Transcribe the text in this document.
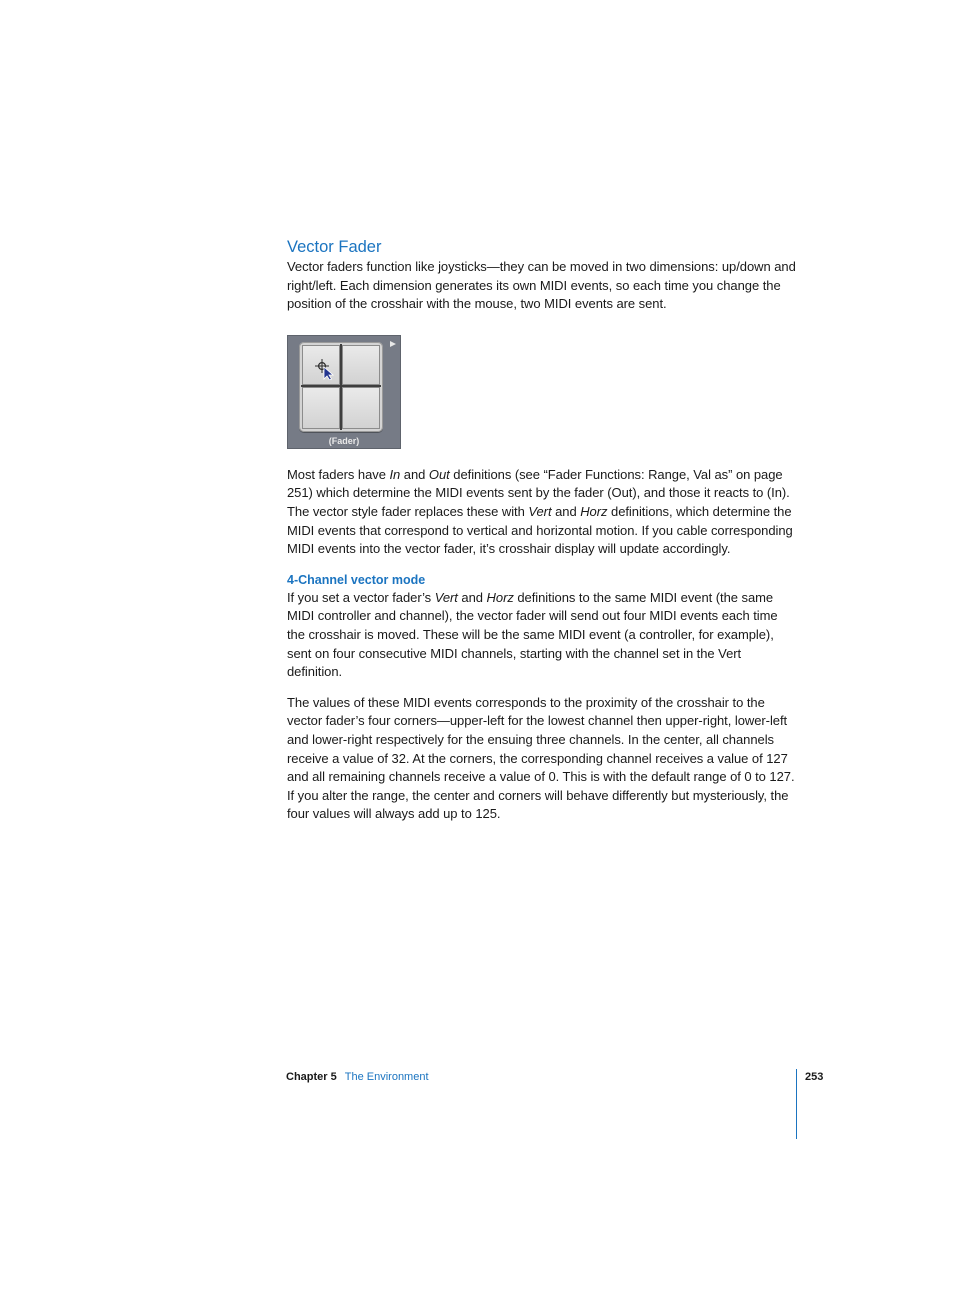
Vector Fader

Vector faders function like joysticks—they can be moved in two dimensions: up/down and right/left. Each dimension generates its own MIDI events, so each time you change the position of the crosshair with the mouse, two MIDI events are sent.

(Fader)

Most faders have In and Out definitions (see “Fader Functions: Range, Val as” on page 251) which determine the MIDI events sent by the fader (Out), and those it reacts to (In). The vector style fader replaces these with Vert and Horz definitions, which determine the MIDI events that correspond to vertical and horizontal motion. If you cable corresponding MIDI events into the vector fader, it’s crosshair display will update accordingly.

4-Channel vector mode

If you set a vector fader’s Vert and Horz definitions to the same MIDI event (the same MIDI controller and channel), the vector fader will send out four MIDI events each time the crosshair is moved. These will be the same MIDI event (a controller, for example), sent on four consecutive MIDI channels, starting with the channel set in the Vert definition.

The values of these MIDI events corresponds to the proximity of the crosshair to the vector fader’s four corners—upper-left for the lowest channel then upper-right, lower-left and lower-right respectively for the ensuing three channels. In the center, all channels receive a value of 32. At the corners, the corresponding channel receives a value of 127 and all remaining channels receive a value of 0. This is with the default range of 0 to 127. If you alter the range, the center and corners will behave differently but mysteriously, the four values will always add up to 125.

Chapter 5 The Environment	253
